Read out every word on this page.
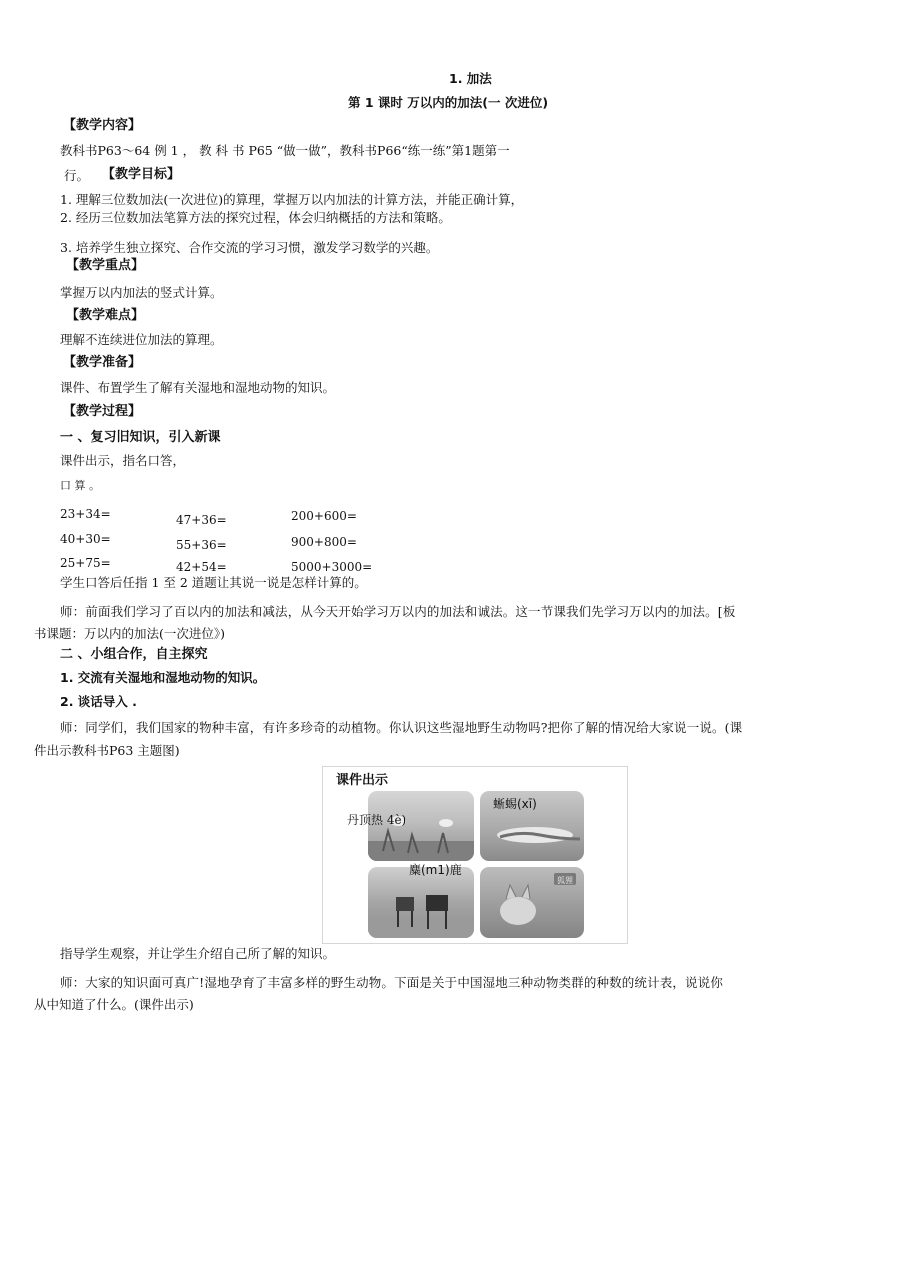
1. 加法
第 1 课时 万以内的加法(一 次进位)
【教学内容】
教科书P63～64 例 1 ， 教 科 书 P65 “做一做”，教科书P66“练一练”第1题第一
行。 【教学目标】
1. 理解三位数加法(一次进位)的算理，掌握万以内加法的计算方法，并能正确计算，
2. 经历三位数加法笔算方法的探究过程，体会归纳概括的方法和策略。
3. 培养学生独立探究、合作交流的学习习惯，激发学习数学的兴趣。
【教学重点】
掌握万以内加法的竖式计算。
【教学难点】
理解不连续进位加法的算理。
【教学准备】
课件、布置学生了解有关湿地和湿地动物的知识。
【教学过程】
一 、复习旧知识，引入新课
课件出示，指名口答，
口 算 。
23+34=
40+30=
25+75=
47+36=
55+36=
42+54=
200+600=
900+800=
5000+3000=
学生口答后任指 1 至 2 道题让其说一说是怎样计算的。
师：前面我们学习了百以内的加法和减法，从今天开始学习万以内的加法和诚法。这一节课我们先学习万以内的加法。[板
书课题：万以内的加法(一次进位》)
二 、小组合作，自主探究
1. 交流有关湿地和湿地动物的知识。
2. 谈话导入 .
师：同学们，我们国家的物种丰富，有许多珍奇的动植物。你认识这些湿地野生动物吗?把你了解的情况给大家说一说。(课
件出示教科书P63 主题图)
课件出示
狐狸
丹顶热 4è)
蜥蜴(xī)
麋(m1)鹿
指导学生观察，并让学生介绍自己所了解的知识。
师：大家的知识面可真广!湿地孕育了丰富多样的野生动物。下面是关于中国湿地三种动物类群的种数的统计表，说说你
从中知道了什么。(课件出示)
